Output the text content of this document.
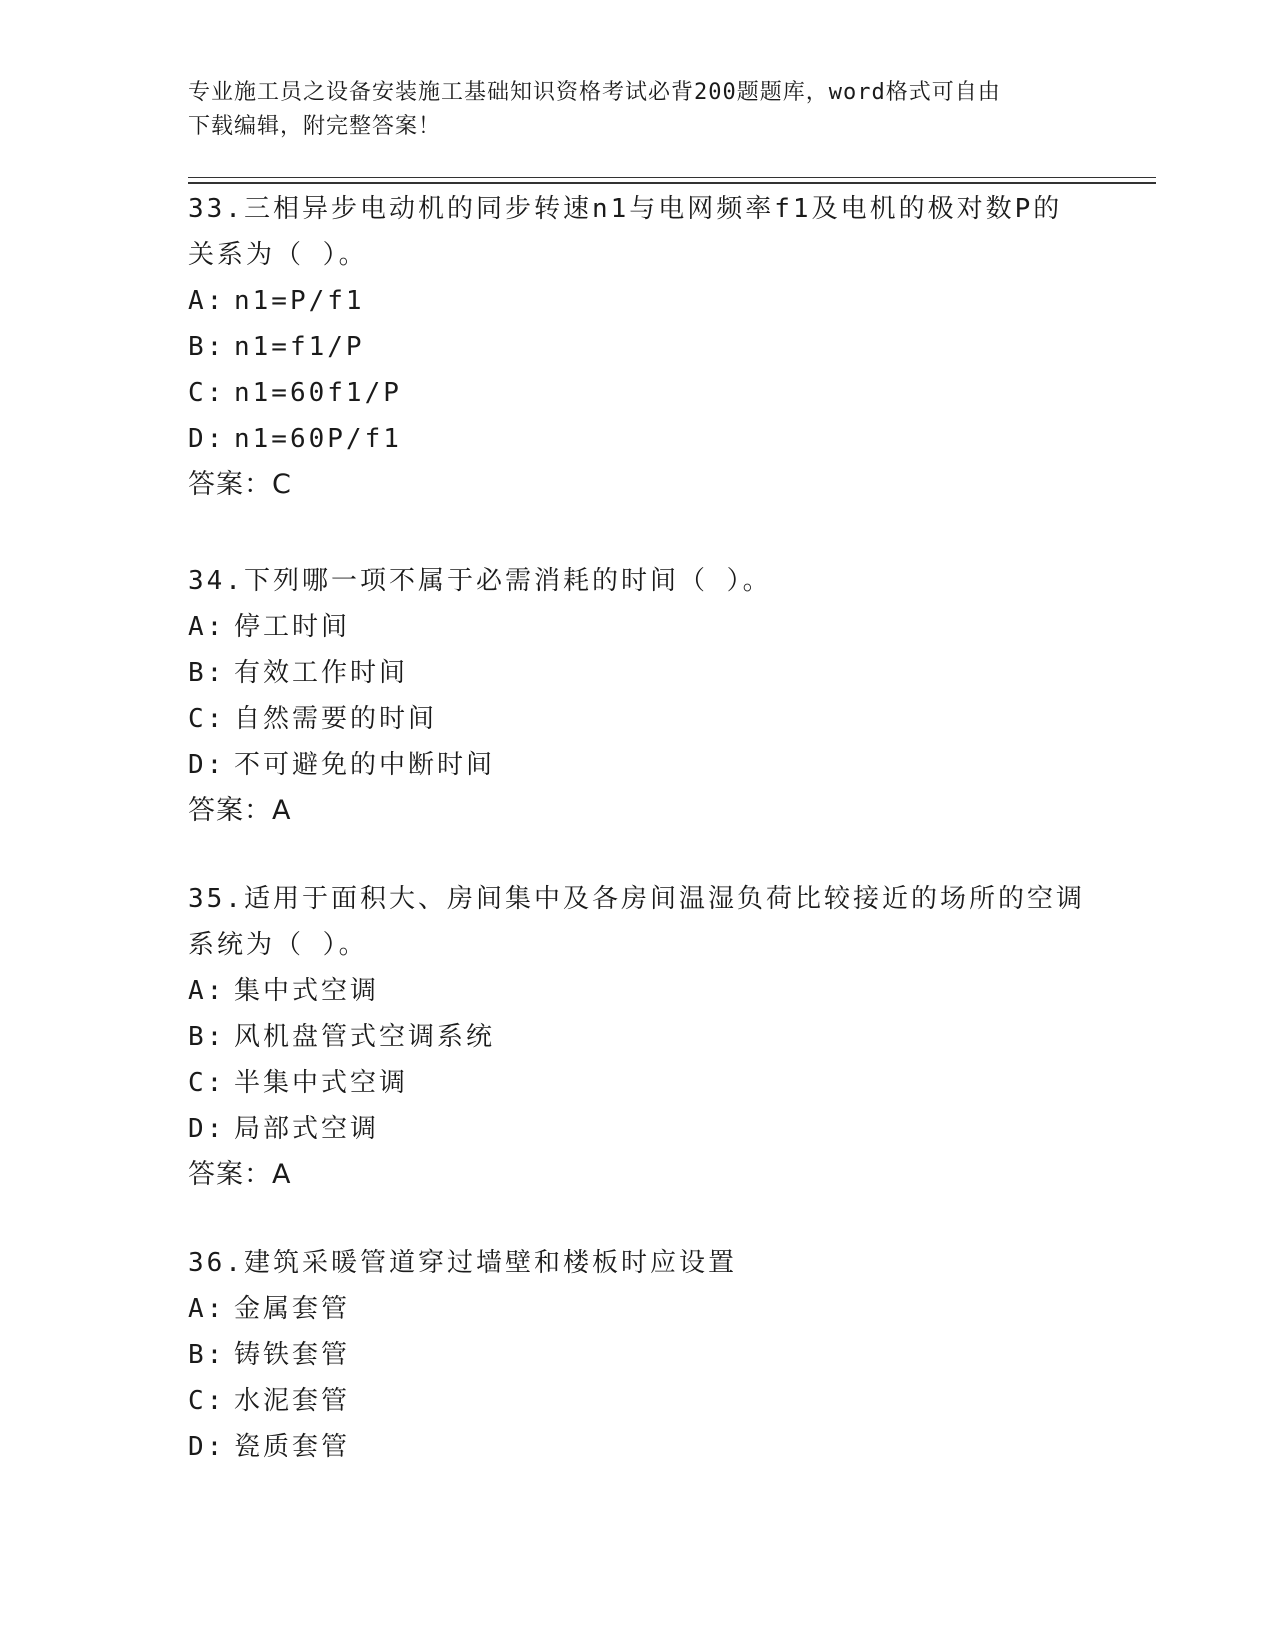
专业施工员之设备安装施工基础知识资格考试必背200题题库，word格式可自由
下载编辑，附完整答案！
33.三相异步电动机的同步转速n1与电网频率f1及电机的极对数P的
关系为（ ）。
A: n1=P/f1
B: n1=f1/P
C: n1=60f1/P
D: n1=60P/f1
答案：C
34.下列哪一项不属于必需消耗的时间（ ）。
A: 停工时间
B: 有效工作时间
C: 自然需要的时间
D: 不可避免的中断时间
答案：A
35.适用于面积大、房间集中及各房间温湿负荷比较接近的场所的空调
系统为（ ）。
A: 集中式空调
B: 风机盘管式空调系统
C: 半集中式空调
D: 局部式空调
答案：A
36.建筑采暖管道穿过墙壁和楼板时应设置
A: 金属套管
B: 铸铁套管
C: 水泥套管
D: 瓷质套管
